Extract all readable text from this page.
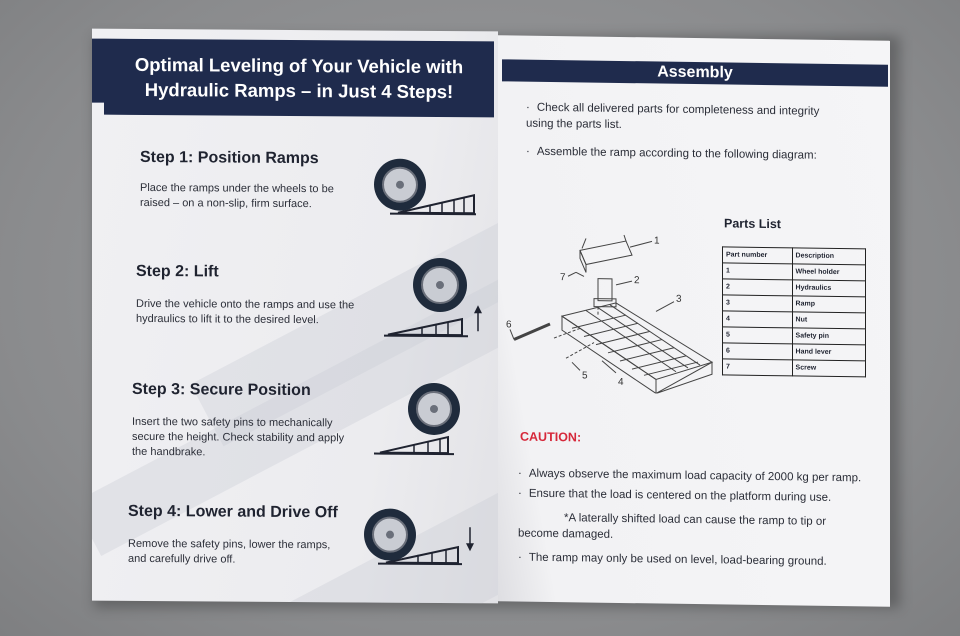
Optimal Leveling of Your Vehicle with
Hydraulic Ramps – in Just 4 Steps!
Step 1: Position Ramps
Place the ramps under the wheels to be
raised – on a non-slip, firm surface.
Step 2: Lift
Drive the vehicle onto the ramps and use the
hydraulics to lift it to the desired level.
Step 3: Secure Position
Insert the two safety pins to mechanically
secure the height. Check stability and apply
the handbrake.
Step 4: Lower and Drive Off
Remove the safety pins, lower the ramps,
and carefully drive off.
Assembly
· Check all delivered parts for completeness and integrity
using the parts list.
· Assemble the ramp according to the following diagram:
1
2
3
4
5
6
7
Parts List
Part number	Description
1	Wheel holder
2	Hydraulics
3	Ramp
4	Nut
5	Safety pin
6	Hand lever
7	Screw
CAUTION:
· Always observe the maximum load capacity of 2000 kg per ramp.
· Ensure that the load is centered on the platform during use.
*A laterally shifted load can cause the ramp to tip or
become damaged.
· The ramp may only be used on level, load-bearing ground.
